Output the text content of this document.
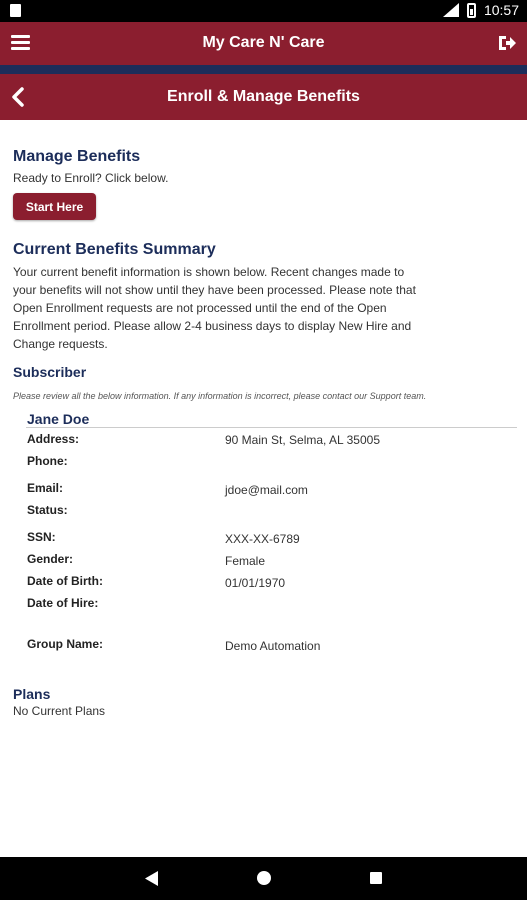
10:57
My Care N' Care
Enroll & Manage Benefits
Manage Benefits

Ready to Enroll? Click below.

Start Here
Current Benefits Summary

Your current benefit information is shown below. Recent changes made to your benefits will not show until they have been processed. Please note that Open Enrollment requests are not processed until the end of the Open Enrollment period. Please allow 2-4 business days to display New Hire and Change requests.

Subscriber

Please review all the below information. If any information is incorrect, please contact our Support team.

Jane Doe

Address:	90 Main St, Selma, AL 35005

Phone:

Email:	jdoe@mail.com

Status:

SSN:	XXX-XX-6789

Gender:	Female

Date of Birth:	01/01/1970

Date of Hire:

Group Name:	Demo Automation

Plans

No Current Plans
